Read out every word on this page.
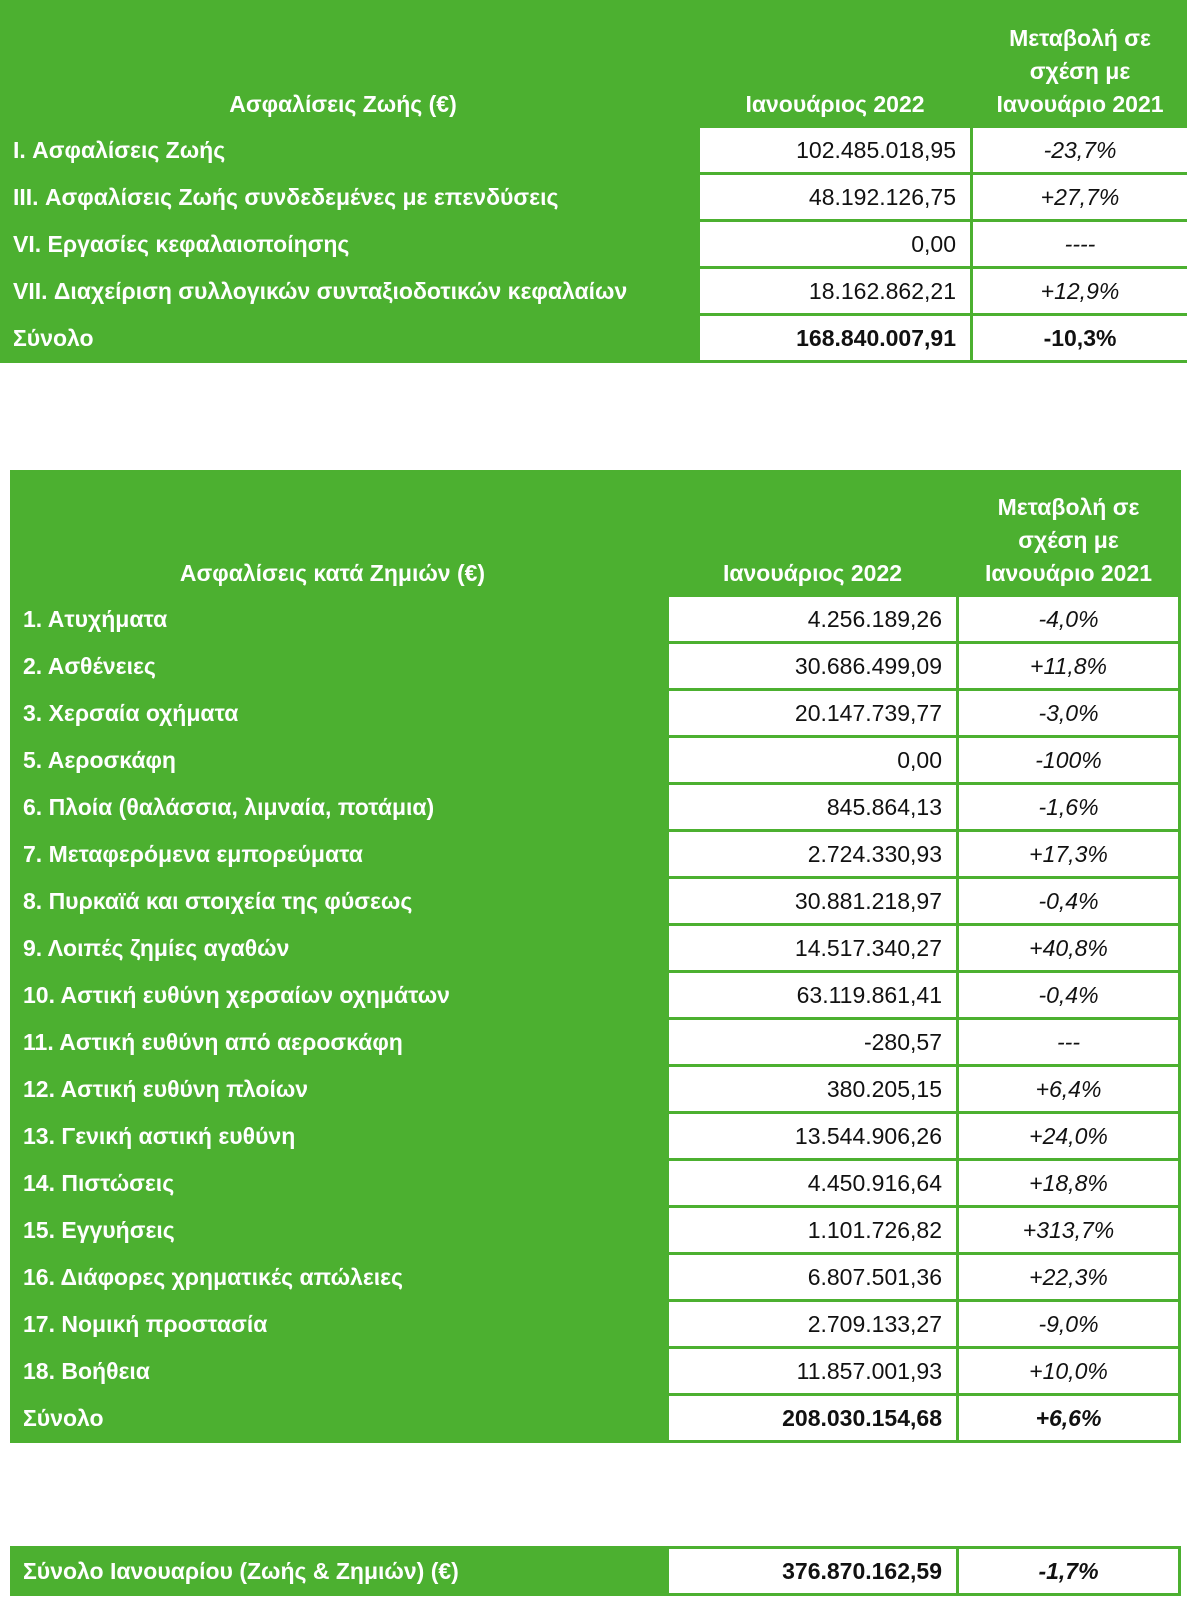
Ασφαλίσεις Ζωής (€)	Ιανουάριος 2022	Μεταβολή σε σχέση με Ιανουάριο 2021
I. Ασφαλίσεις Ζωής	102.485.018,95	-23,7%
III. Ασφαλίσεις Ζωής συνδεδεμένες με επενδύσεις	48.192.126,75	+27,7%
VI. Εργασίες κεφαλαιοποίησης	0,00	----
VII. Διαχείριση συλλογικών συνταξιοδοτικών κεφαλαίων	18.162.862,21	+12,9%
Σύνολο	168.840.007,91	-10,3%
Ασφαλίσεις κατά Ζημιών (€)	Ιανουάριος 2022	Μεταβολή σε σχέση με Ιανουάριο 2021
1. Ατυχήματα	4.256.189,26	-4,0%
2. Ασθένειες	30.686.499,09	+11,8%
3. Χερσαία οχήματα	20.147.739,77	-3,0%
5. Αεροσκάφη	0,00	-100%
6. Πλοία (θαλάσσια, λιμναία, ποτάμια)	845.864,13	-1,6%
7. Μεταφερόμενα εμπορεύματα	2.724.330,93	+17,3%
8. Πυρκαϊά και στοιχεία της φύσεως	30.881.218,97	-0,4%
9. Λοιπές ζημίες αγαθών	14.517.340,27	+40,8%
10. Αστική ευθύνη χερσαίων οχημάτων	63.119.861,41	-0,4%
11. Αστική ευθύνη από αεροσκάφη	-280,57	---
12. Αστική ευθύνη πλοίων	380.205,15	+6,4%
13. Γενική αστική ευθύνη	13.544.906,26	+24,0%
14. Πιστώσεις	4.450.916,64	+18,8%
15. Εγγυήσεις	1.101.726,82	+313,7%
16. Διάφορες χρηματικές απώλειες	6.807.501,36	+22,3%
17. Νομική προστασία	2.709.133,27	-9,0%
18. Βοήθεια	11.857.001,93	+10,0%
Σύνολο	208.030.154,68	+6,6%
Σύνολο Ιανουαρίου (Ζωής & Ζημιών) (€)	376.870.162,59	-1,7%
